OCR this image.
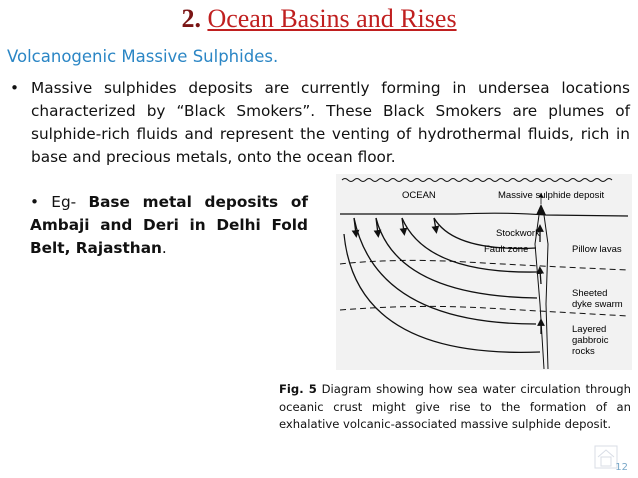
2. Ocean Basins and Rises
Volcanogenic Massive Sulphides.
• Massive sulphides deposits are currently forming in undersea locations characterized by “Black Smokers”. These Black Smokers are plumes of sulphide-rich fluids and represent the venting of hydrothermal fluids, rich in base and precious metals, onto the ocean floor.
• Eg- Base metal deposits of Ambaji and Deri in Delhi Fold Belt, Rajasthan.
OCEAN	Massive sulphide deposit
Stockwork
Fault zone	Pillow lavas
Sheeted
dyke swarm
Layered
gabbroic
rocks
Fig. 5 Diagram showing how sea water circulation through oceanic crust might give rise to the formation of an exhalative volcanic-associated massive sulphide deposit.
12
